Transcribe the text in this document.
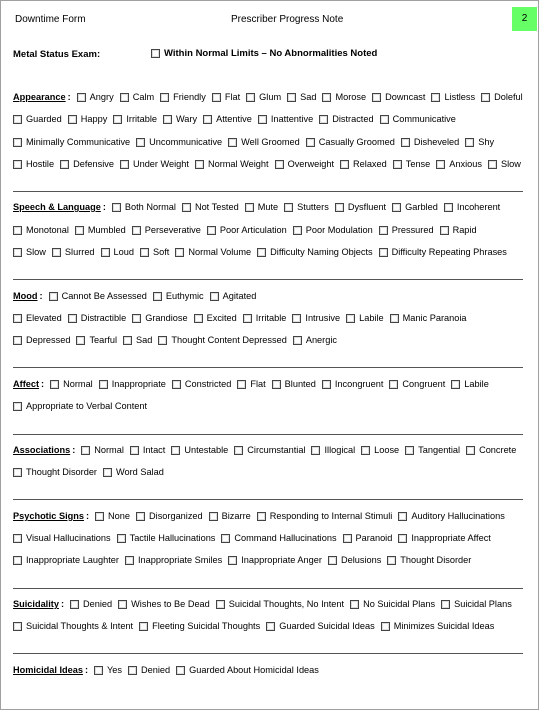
Downtime Form	Prescriber Progress Note	2
Metal Status Exam:	Within Normal Limits – No Abnormalities Noted
Appearance : Angry Calm Friendly Flat Glum Sad Morose Downcast Listless Doleful
Guarded Happy Irritable Wary Attentive Inattentive Distracted Communicative
Minimally Communicative Uncommunicative Well Groomed Casually Groomed Disheveled Shy
Hostile Defensive Under Weight Normal Weight Overweight Relaxed Tense Anxious Slow
Speech & Language : Both Normal Not Tested Mute Stutters Dysfluent Garbled Incoherent
Monotonal Mumbled Perseverative Poor Articulation Poor Modulation Pressured Rapid
Slow Slurred Loud Soft Normal Volume Difficulty Naming Objects Difficulty Repeating Phrases
Mood : Cannot Be Assessed Euthymic Agitated
Elevated Distractible Grandiose Excited Irritable Intrusive Labile Manic Paranoia
Depressed Tearful Sad Thought Content Depressed Anergic
Affect : Normal Inappropriate Constricted Flat Blunted Incongruent Congruent Labile
Appropriate to Verbal Content
Associations : Normal Intact Untestable Circumstantial Illogical Loose Tangential Concrete
Thought Disorder Word Salad
Psychotic Signs : None Disorganized Bizarre Responding to Internal Stimuli Auditory Hallucinations
Visual Hallucinations Tactile Hallucinations Command Hallucinations Paranoid Inappropriate Affect
Inappropriate Laughter Inappropriate Smiles Inappropriate Anger Delusions Thought Disorder
Suicidality : Denied Wishes to Be Dead Suicidal Thoughts, No Intent No Suicidal Plans Suicidal Plans
Suicidal Thoughts & Intent Fleeting Suicidal Thoughts Guarded Suicidal Ideas Minimizes Suicidal Ideas
Homicidal Ideas : Yes Denied Guarded About Homicidal Ideas
